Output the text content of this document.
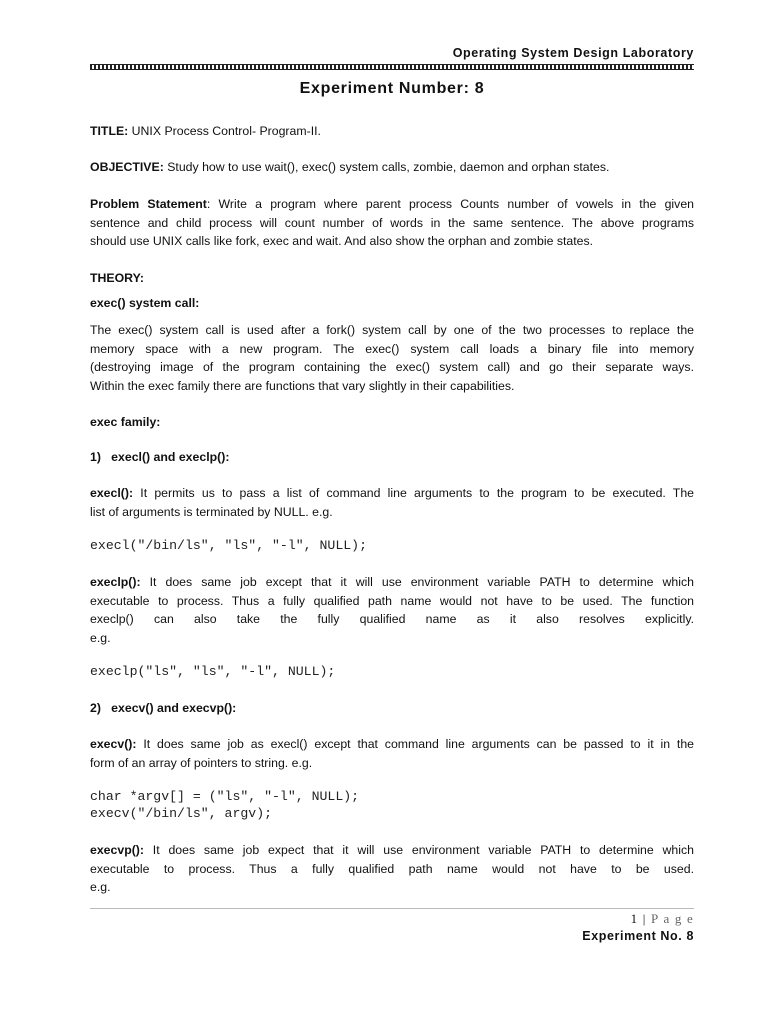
Operating System Design Laboratory
Experiment Number: 8

TITLE: UNIX Process Control- Program-II.

OBJECTIVE: Study how to use wait(), exec() system calls, zombie, daemon and orphan states.

Problem Statement: Write a program where parent process Counts number of vowels in the given

sentence and child process will count number of words in the same sentence. The above programs

should use UNIX calls like fork, exec and wait. And also show the orphan and zombie states.

THEORY:
exec() system call:

The exec() system call is used after a fork() system call by one of the two processes to replace the

memory space with a new program. The exec() system call loads a binary file into memory

(destroying image of the program containing the exec() system call) and go their separate ways.

Within the exec family there are functions that vary slightly in their capabilities.

exec family:
1)   execl() and execlp():

execl(): It permits us to pass a list of command line arguments to the program to be executed. The

list of arguments is terminated by NULL. e.g.

execl("/bin/ls", "ls", "-l", NULL);

execlp(): It does same job except that it will use environment variable PATH to determine which

executable to process. Thus a fully qualified path name would not have to be used. The function

execlp() can also take the fully qualified name as it also resolves explicitly.

e.g.

execlp("ls", "ls", "-l", NULL);
2)   execv() and execvp():

execv(): It does same job as execl() except that command line arguments can be passed to it in the

form of an array of pointers to string. e.g.

char *argv[] = ("ls", "-l", NULL);
execv("/bin/ls", argv);

execvp(): It does same job expect that it will use environment variable PATH to determine which

executable to process. Thus a fully qualified path name would not have to be used.

e.g.

1 | P a g e
Experiment No. 8
